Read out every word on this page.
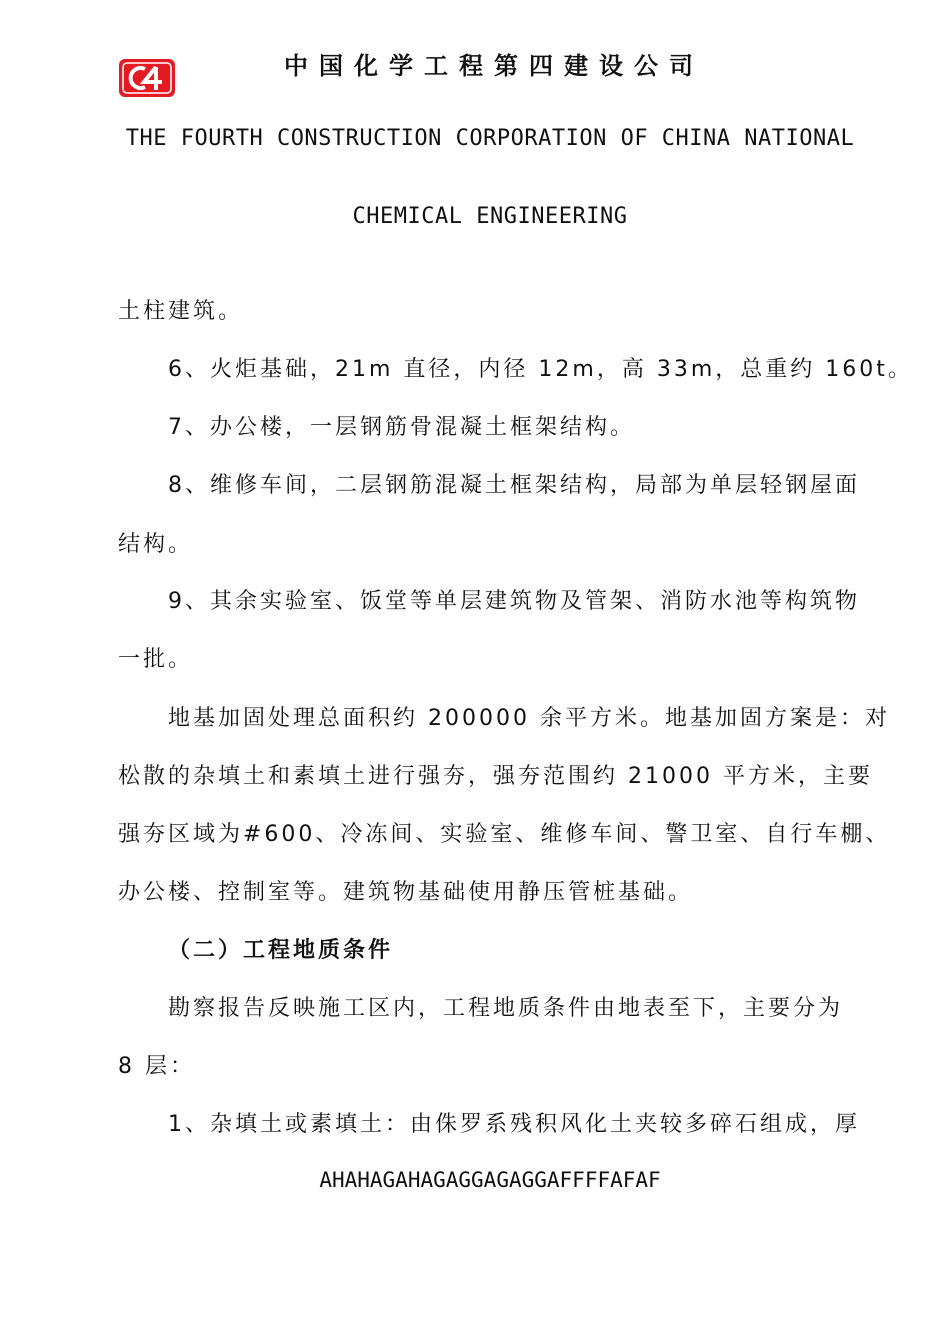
中国化学工程第四建设公司
THE FOURTH CONSTRUCTION CORPORATION OF CHINA NATIONAL
CHEMICAL ENGINEERING
土柱建筑。
6、火炬基础，21m 直径，内径 12m，高 33m，总重约 160t。
7、办公楼，一层钢筋骨混凝土框架结构。
8、维修车间，二层钢筋混凝土框架结构，局部为单层轻钢屋面
结构。
9、其余实验室、饭堂等单层建筑物及管架、消防水池等构筑物
一批。
地基加固处理总面积约 200000 余平方米。地基加固方案是：对
松散的杂填土和素填土进行强夯，强夯范围约 21000 平方米，主要
强夯区域为#600、冷冻间、实验室、维修车间、警卫室、自行车棚、
办公楼、控制室等。建筑物基础使用静压管桩基础。
（二）工程地质条件
勘察报告反映施工区内，工程地质条件由地表至下，主要分为
8 层：
1、杂填土或素填土：由侏罗系残积风化土夹较多碎石组成，厚
AHAHAGAHAGAGGAGAGGAFFFFAFAF
